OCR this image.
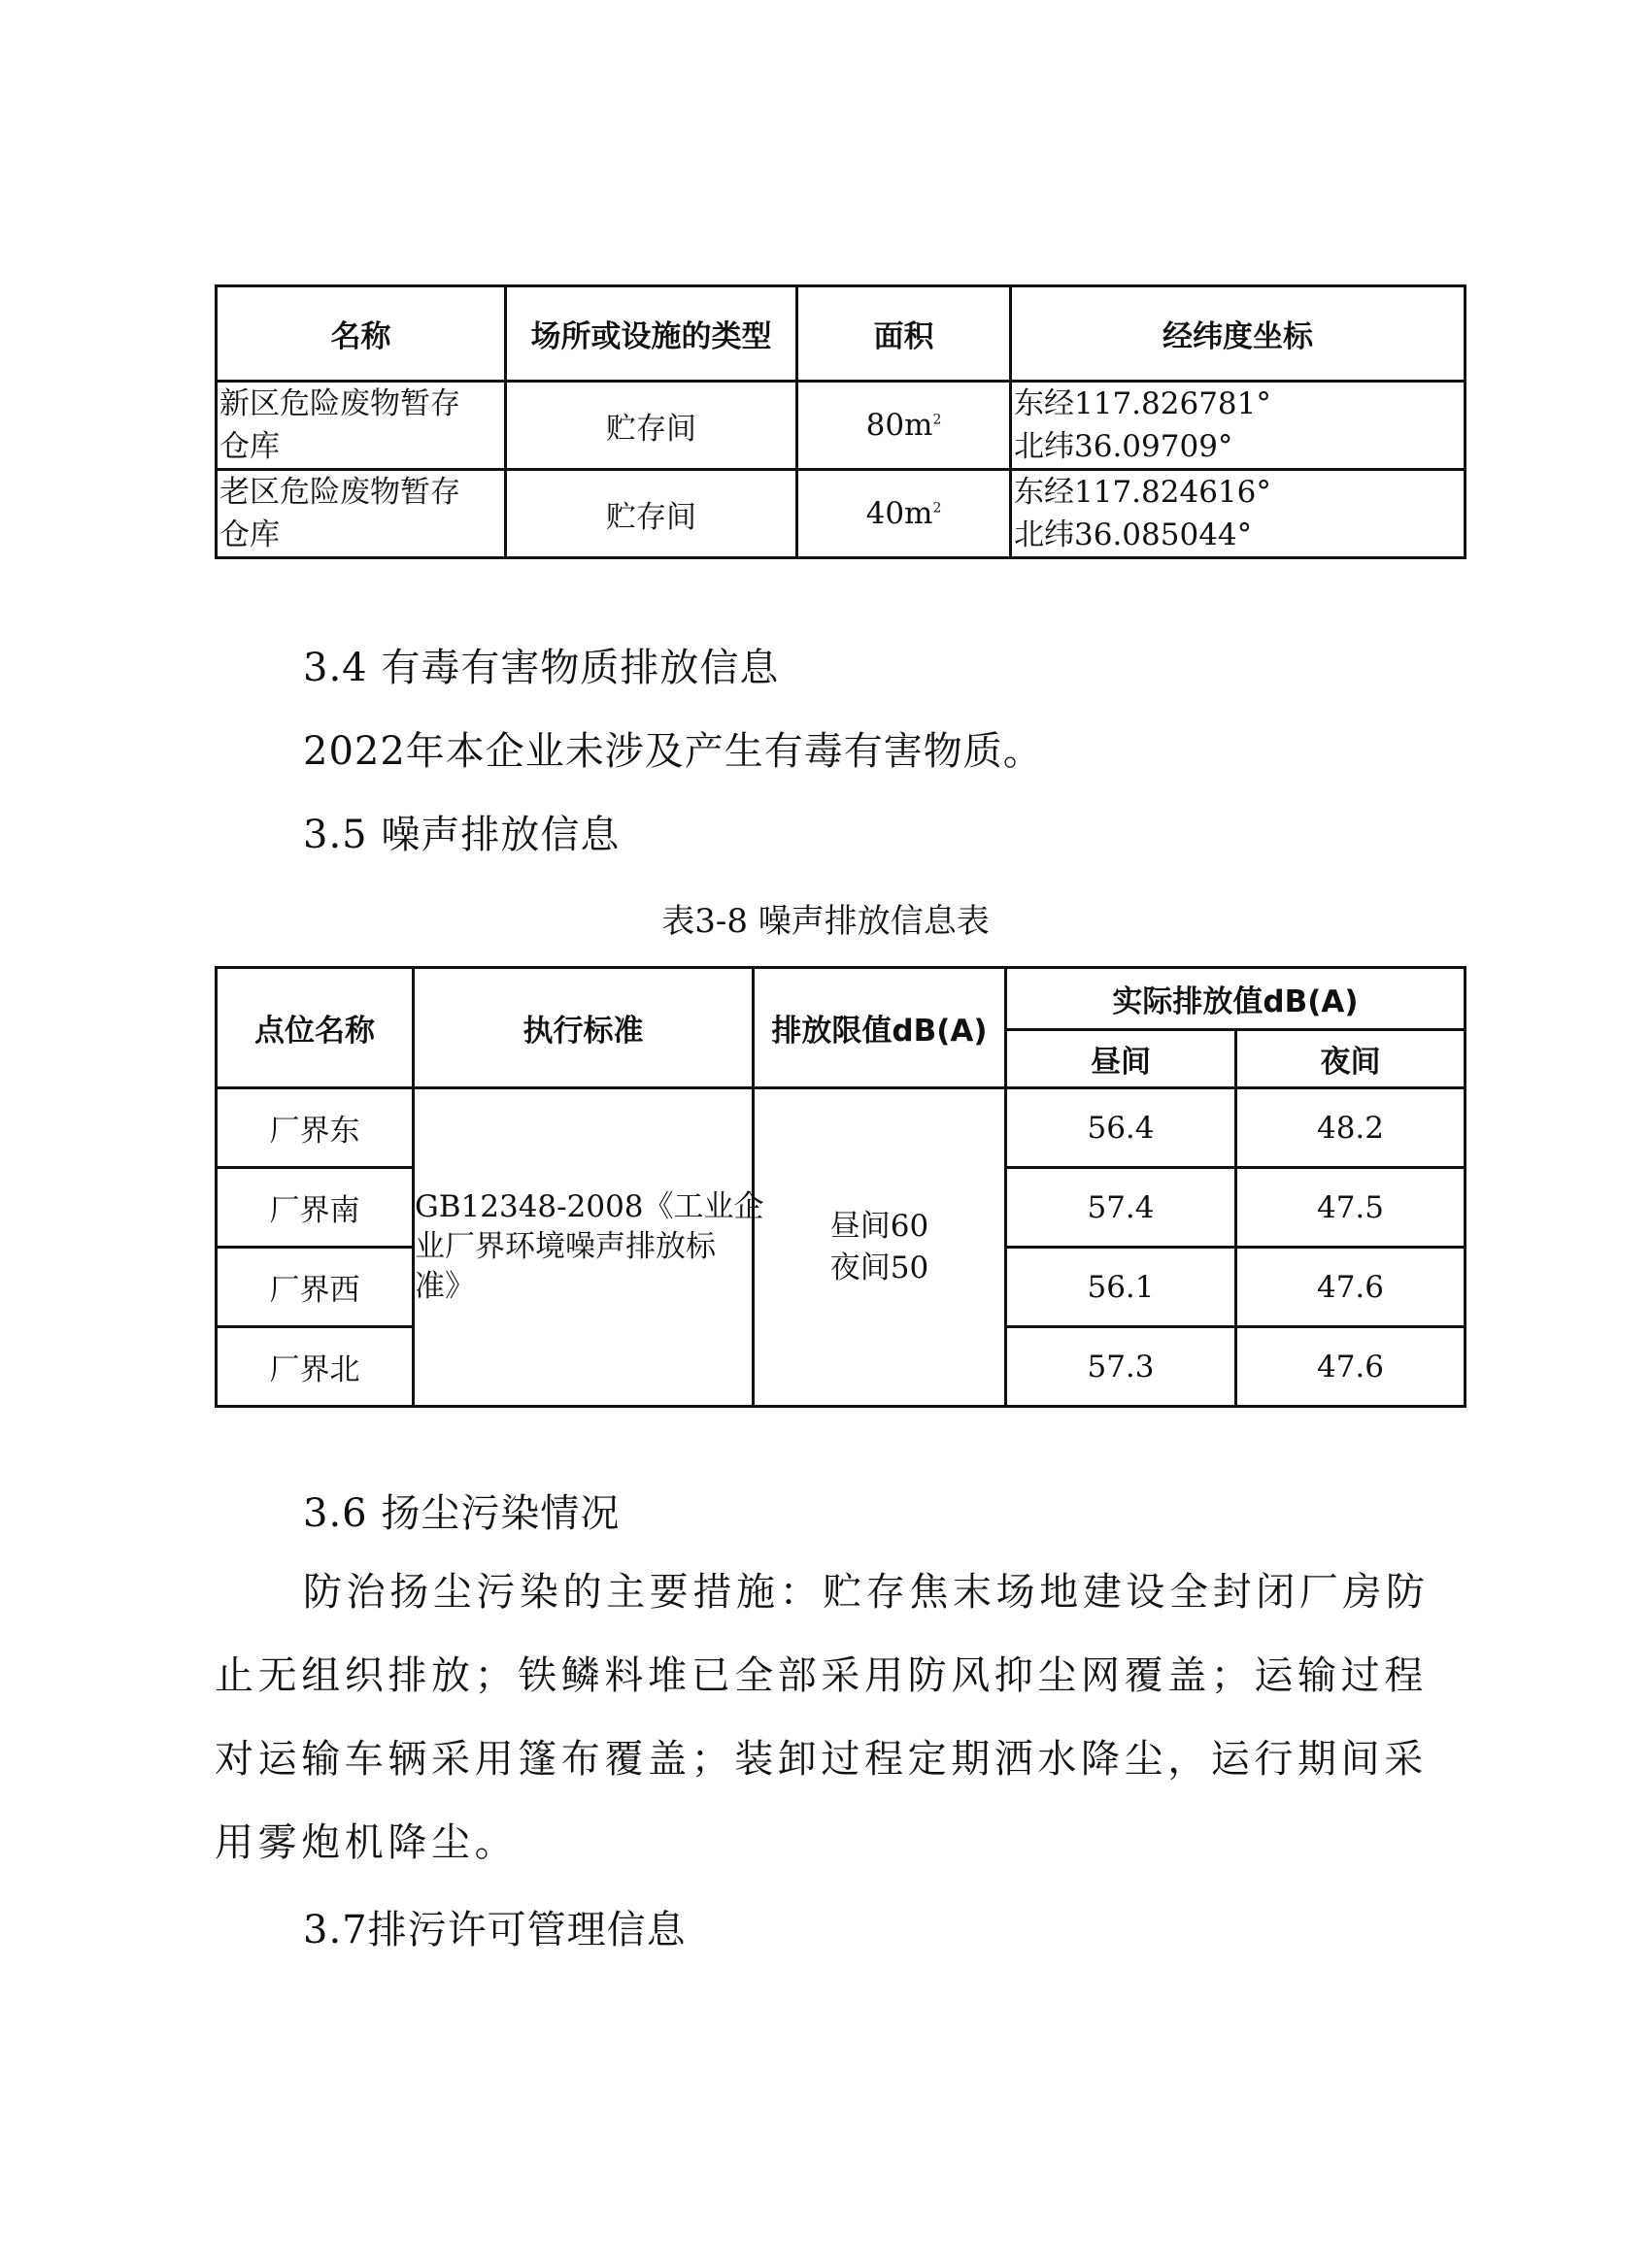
名称	场所或设施的类型	面积	经纬度坐标

新区危险废物暂存
仓库	贮存间	$80m^2$	东经117.826781°
北纬36.09709°

老区危险废物暂存
仓库	贮存间	$40m^2$	东经117.824616°
北纬36.085044°
3.4 有毒有害物质排放信息
2022年本企业未涉及产生有毒有害物质。
3.5 噪声排放信息
表3-8 噪声排放信息表
点位名称	执行标准	排放限值dB(A)	实际排放值dB(A)	
			昼间	夜间
厂界东	GB12348-2008《工业企
业厂界环境噪声排放标
准》	昼间60
夜间50	56.4	48.2
厂界南			57.4	47.5
厂界西			56.1	47.6
厂界北			57.3	47.6
3.6 扬尘污染情况
防治扬尘污染的主要措施：贮存焦末场地建设全封闭厂房防止无组织排放；铁鳞料堆已全部采用防风抑尘网覆盖；运输过程对运输车辆采用篷布覆盖；装卸过程定期洒水降尘，运行期间采用雾炮机降尘。
3.7排污许可管理信息
